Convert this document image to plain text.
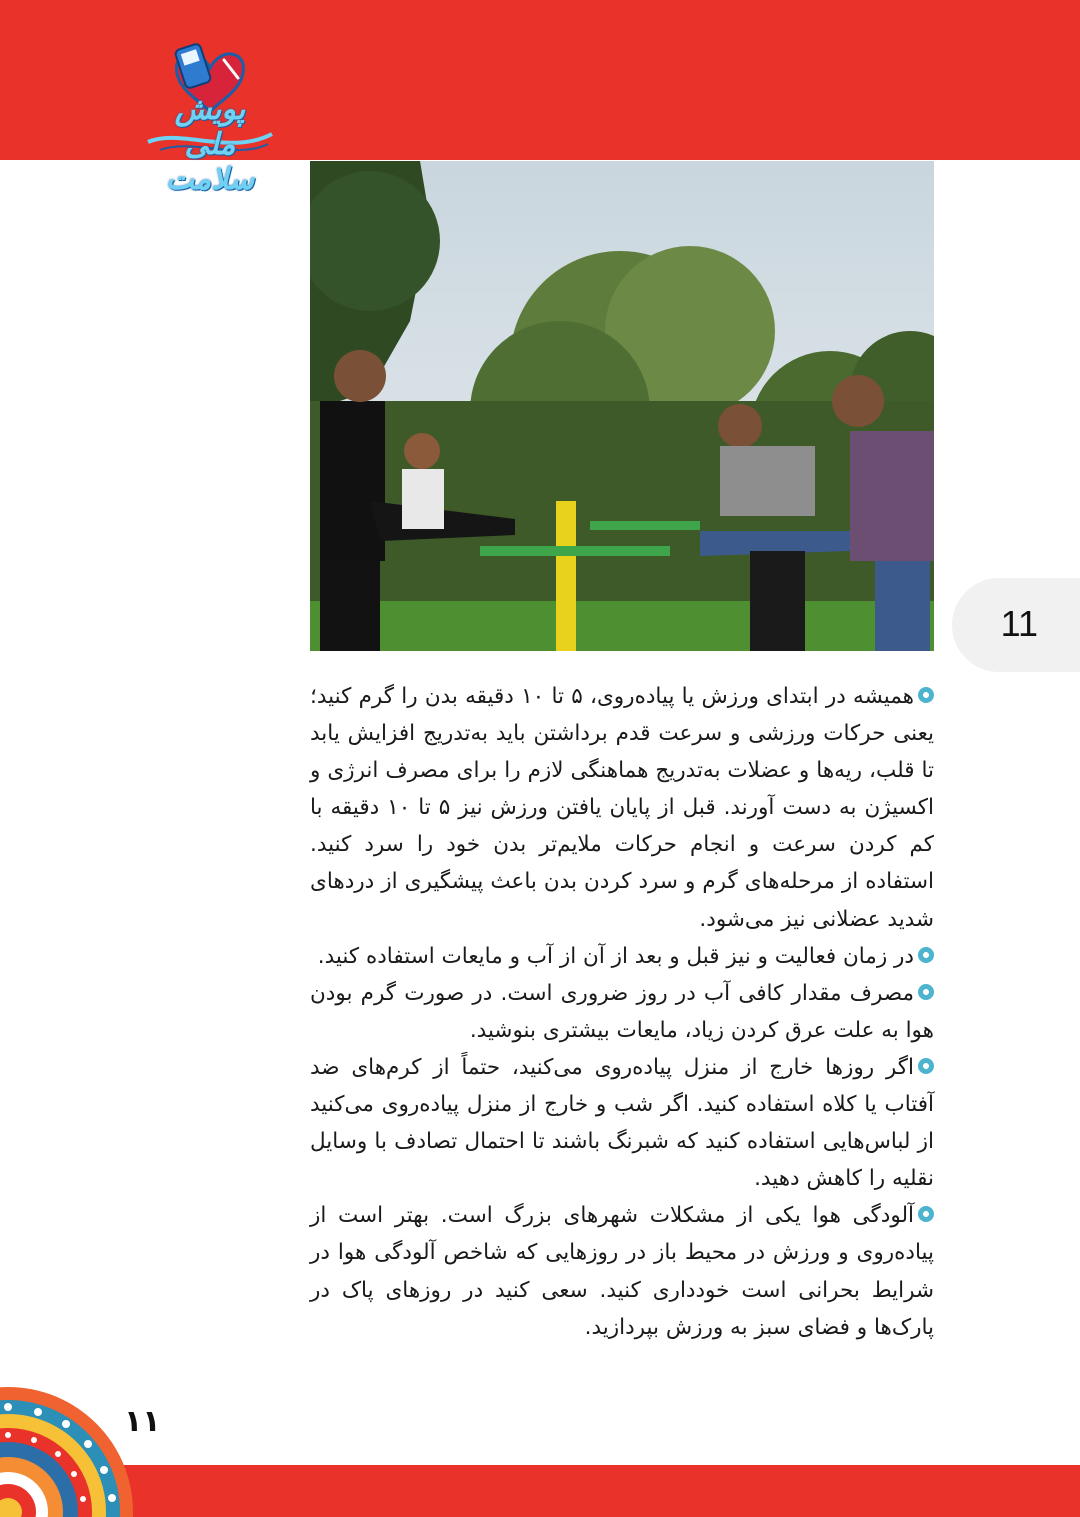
پویش ملی سلامت
11

همیشه در ابتدای ورزش یا پیاده‌روی، ۵ تا ۱۰ دقیقه بدن را گرم کنید؛ یعنی حرکات ورزشی و سرعت قدم برداشتن باید به‌تدریج افزایش یابد تا قلب، ریه‌ها و عضلات به‌تدریج هماهنگی لازم را برای مصرف انرژی و اکسیژن به دست آورند. قبل از پایان یافتن ورزش نیز ۵ تا ۱۰ دقیقه با کم کردن سرعت و انجام حرکات ملایم‌تر بدن خود را سرد کنید. استفاده از مرحله‌های گرم و سرد کردن بدن باعث پیشگیری از دردهای شدید عضلانی نیز می‌شود.

در زمان فعالیت و نیز قبل و بعد از آن از آب و مایعات استفاده کنید.

مصرف مقدار کافی آب در روز ضروری است. در صورت گرم بودن هوا به علت عرق کردن زیاد، مایعات بیشتری بنوشید.

اگر روزها خارج از منزل پیاده‌روی می‌کنید، حتماً از کرم‌های ضد آفتاب یا کلاه استفاده کنید. اگر شب و خارج از منزل پیاده‌روی می‌کنید از لباس‌هایی استفاده کنید که شبرنگ باشند تا احتمال تصادف با وسایل نقلیه را کاهش دهید.

آلودگی هوا یکی از مشکلات شهرهای بزرگ است. بهتر است از پیاده‌روی و ورزش در محیط باز در روزهایی که شاخص آلودگی هوا در شرایط بحرانی است خودداری کنید. سعی کنید در روزهای پاک در پارک‌ها و فضای سبز به ورزش بپردازید.

۱۱
